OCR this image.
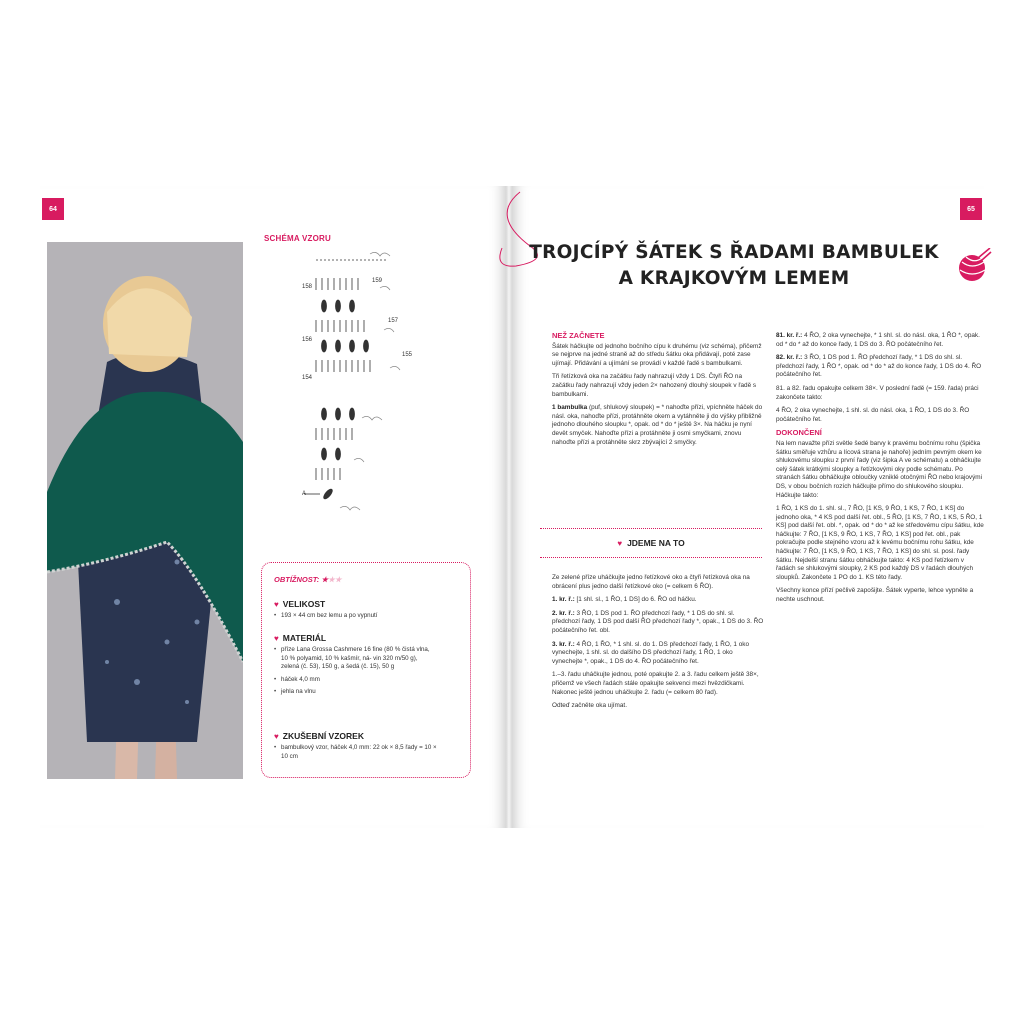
64
SCHÉMA VZORU
158
159
157
156
155
154
A
OBTÍŽNOST: ★★★
♥ VELIKOST
• 193 × 44 cm bez lemu a po vypnutí
♥ MATERIÁL
• příze Lana Grossa Cashmere 16 fine (80 % čistá vlna, 10 % polyamid, 10 % kašmír, ná- vin 320 m/50 g), zelená (č. 53), 150 g, a šedá (č. 15), 50 g
• háček 4,0 mm
• jehla na vlnu
♥ ZKUŠEBNÍ VZOREK
• bambulkový vzor, háček 4,0 mm: 22 ok × 8,5 řady = 10 × 10 cm
65
TROJCÍPÝ ŠÁTEK S ŘADAMI BAMBULEK
A KRAJKOVÝM LEMEM
NEŽ ZAČNETE

Šátek háčkujte od jednoho bočního cípu k druhému (viz schéma), přičemž se nejprve na jedné straně až do středu šátku oka přidávají, poté zase ujímají. Přidávání a ujímání se provádí v každé řadě s bambulkami.

Tři řetízková oka na začátku řady nahrazují vždy 1 DS. Čtyři ŘO na začátku řady nahrazují vždy jeden 2× nahozený dlouhý sloupek v řadě s bambulkami.

1 bambulka (puf, shlukový sloupek) = * nahoďte přízi, vpíchněte háček do násl. oka, nahoďte přízi, protáhněte okem a vytáhněte ji do výšky přibližně jednoho dlouhého sloupku *, opak. od * do * ještě 3×. Na háčku je nyní devět smyček. Nahoďte přízi a protáhněte ji osmi smyčkami, znovu nahoďte přízi a protáhněte skrz zbývající 2 smyčky.

♥ JDEME NA TO

Ze zelené příze uháčkujte jedno řetízkové oko a čtyři řetízková oka na obrácení plus jedno další řetízkové oko (= celkem 6 ŘO).

1. kr. ř.: [1 shl. sl., 1 ŘO, 1 DS] do 6. ŘO od háčku.

2. kr. ř.: 3 ŘO, 1 DS pod 1. ŘO předchozí řady, * 1 DS do shl. sl. předchozí řady, 1 DS pod další ŘO předchozí řady *, opak., 1 DS do 3. ŘO počátečního řet. obl.

3. kr. ř.: 4 ŘO, 1 ŘO, * 1 shl. sl. do 1. DS předchozí řady, 1 ŘO, 1 oko vynechejte, 1 shl. sl. do dalšího DS předchozí řady, 1 ŘO, 1 oko vynechejte *, opak., 1 DS do 4. ŘO počátečního řet.

1.–3. řadu uháčkujte jednou, poté opakujte 2. a 3. řadu celkem ještě 38×, přičemž ve všech řadách stále opakujte sekvenci mezi hvězdičkami. Nakonec ještě jednou uháčkujte 2. řadu (= celkem 80 řad).

Odteď začněte oka ujímat.

81. kr. ř.: 4 ŘO, 2 oka vynechejte, * 1 shl. sl. do násl. oka, 1 ŘO *, opak. od * do * až do konce řady, 1 DS do 3. ŘO počátečního řet.

82. kr. ř.: 3 ŘO, 1 DS pod 1. ŘO předchozí řady, * 1 DS do shl. sl. předchozí řady, 1 ŘO *, opak. od * do * až do konce řady, 1 DS do 4. ŘO počátečního řet.

81. a 82. řadu opakujte celkem 38×. V poslední řadě (= 159. řada) práci zakončete takto:

4 ŘO, 2 oka vynechejte, 1 shl. sl. do násl. oka, 1 ŘO, 1 DS do 3. ŘO počátečního řet.

DOKONČENÍ

Na lem navažte přízi světle šedé barvy k pravému bočnímu rohu (špička šátku směřuje vzhůru a lícová strana je nahoře) jedním pevným okem ke shlukovému sloupku z první řady (viz šipka A ve schématu) a obháčkujte celý šátek krátkými sloupky a řetízkovými oky podle schématu. Po stranách šátku obháčkujte obloučky vzniklé otočnými ŘO nebo krajovými DS, v obou bočních rozích háčkujte přímo do shlukového sloupku. Háčkujte takto:

1 ŘO, 1 KS do 1. shl. sl., 7 ŘO, [1 KS, 9 ŘO, 1 KS, 7 ŘO, 1 KS] do jednoho oka, * 4 KS pod další řet. obl., 5 ŘO, [1 KS, 7 ŘO, 1 KS, 5 ŘO, 1 KS] pod další řet. obl. *, opak. od * do * až ke středovému cípu šátku, kde háčkujte: 7 ŘO, [1 KS, 9 ŘO, 1 KS, 7 ŘO, 1 KS] pod řet. obl., pak pokračujte podle stejného vzoru až k levému bočnímu rohu šátku, kde háčkujte: 7 ŘO, [1 KS, 9 ŘO, 1 KS, 7 ŘO, 1 KS] do shl. sl. posl. řady šátku. Nejdelší stranu šátku obháčkujte takto: 4 KS pod řetízkem v řadách se shlukovými sloupky, 2 KS pod každý DS v řadách dlouhých sloupků. Zakončete 1 PO do 1. KS této řady.

Všechny konce přízí pečlivě zapošijte. Šátek vyperte, lehce vypněte a nechte uschnout.
